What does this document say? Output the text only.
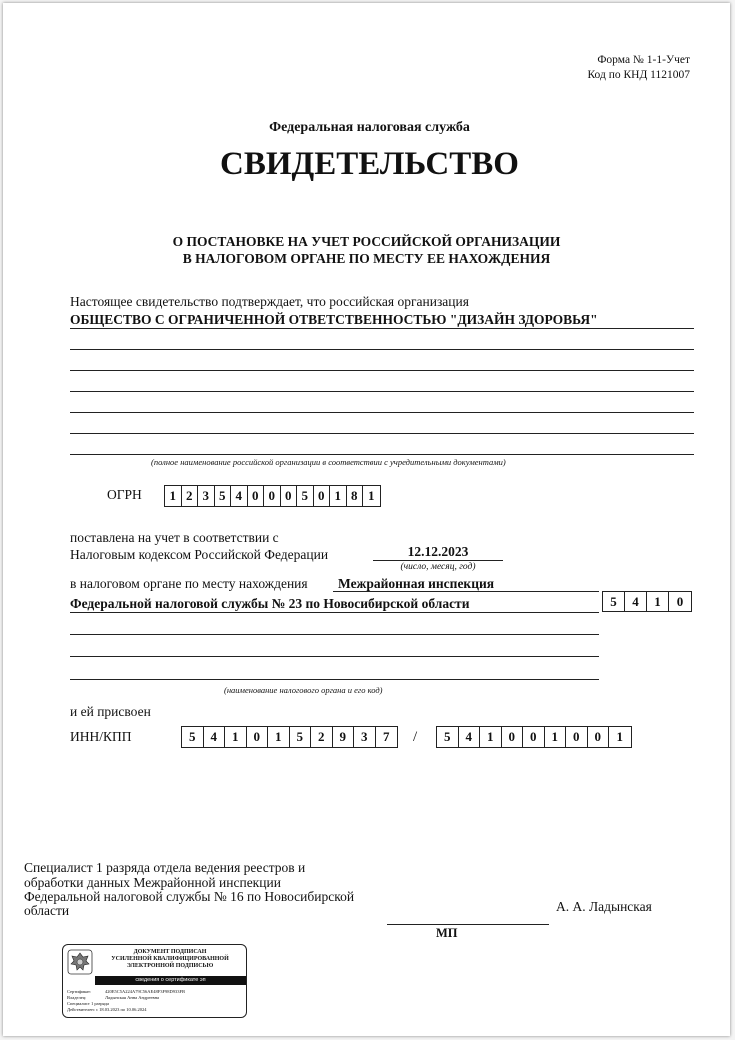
Форма № 1-1-Учет
Код по КНД 1121007
Федеральная налоговая служба
СВИДЕТЕЛЬСТВО
О ПОСТАНОВКЕ НА УЧЕТ РОССИЙСКОЙ ОРГАНИЗАЦИИ
В НАЛОГОВОМ ОРГАНЕ ПО МЕСТУ ЕЕ НАХОЖДЕНИЯ
Настоящее свидетельство подтверждает, что российская организация
ОБЩЕСТВО С ОГРАНИЧЕННОЙ ОТВЕТСТВЕННОСТЬЮ "ДИЗАЙН ЗДОРОВЬЯ"
(полное наименование российской организации в соответствии с учредительными документами)
ОГРН	1 2 3 5 4 0 0 0 5 0 1 8 1
поставлена на учет в соответствии с
Налоговым кодексом Российской Федерации	12.12.2023
(число, месяц, год)
в налоговом органе по месту нахождения Межрайонная инспекция
Федеральной налоговой службы № 23 по Новосибирской области	5	4	1	0
(наименование налогового органа и его код)
и ей присвоен
ИНН/КПП	5	4	1	0	1	5	2	9	3	7	/	5	4	1	0	0	1	0	0	1
Специалист 1 разряда отдела ведения реестров и
обработки данных Межрайонной инспекции
Федеральной налоговой службы № 16 по Новосибирской
области	А. А. Ладынская
МП
ДОКУМЕНТ ПОДПИСАН
УСИЛЕННОЙ КВАЛИФИЦИРОВАННОЙ
ЭЛЕКТРОННОЙ ПОДПИСЬЮ
сведения о сертификате эп
Сертификат:	420E5C5A224A79C56AE48F3F98D933FB
Владелец:	Ладынская Анна Андреевна
Специалист 1 разряда
Действителен: с 18.03.2023 по 10.06.2024
